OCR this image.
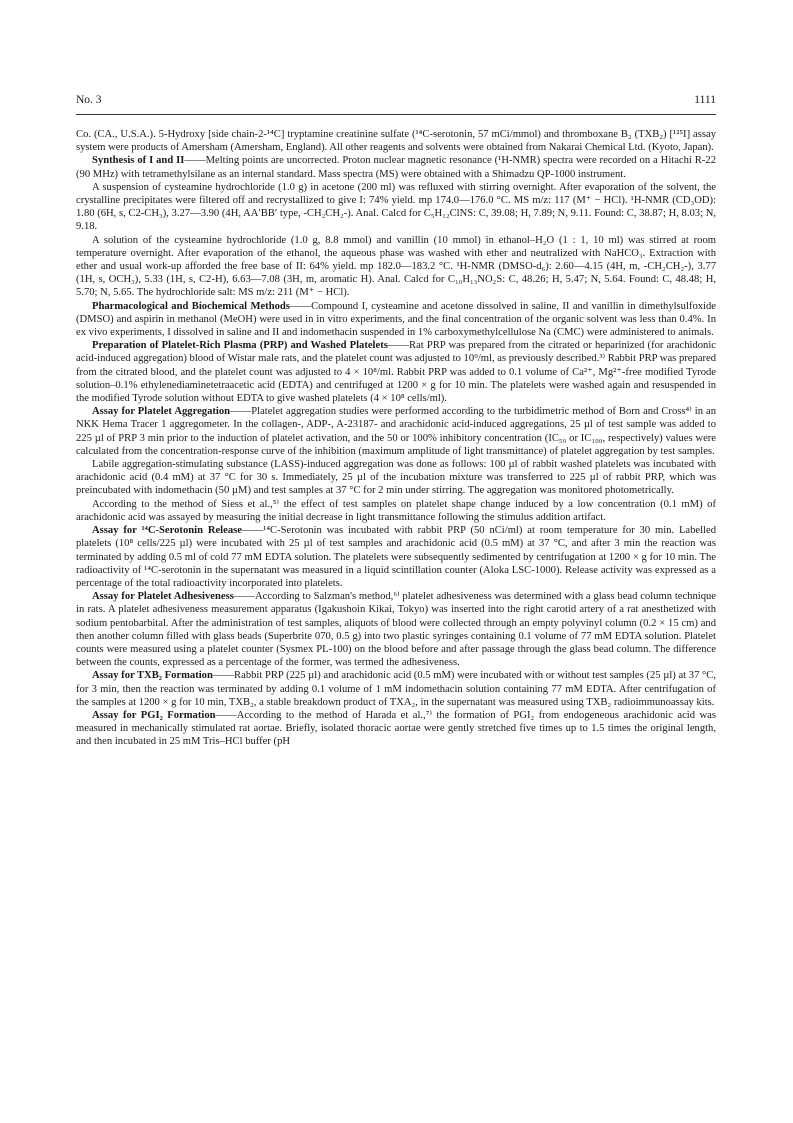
No. 3	1111

Co. (CA., U.S.A.). 5-Hydroxy [side chain-2-¹⁴C] tryptamine creatinine sulfate (¹⁴C-serotonin, 57 mCi/mmol) and thromboxane B₂ (TXB₂) [¹²⁵I] assay system were products of Amersham (Amersham, England). All other reagents and solvents were obtained from Nakarai Chemical Ltd. (Kyoto, Japan).

Synthesis of I and II——Melting points are uncorrected. Proton nuclear magnetic resonance (¹H-NMR) spectra were recorded on a Hitachi R-22 (90 MHz) with tetramethylsilane as an internal standard. Mass spectra (MS) were obtained with a Shimadzu QP-1000 instrument.

A suspension of cysteamine hydrochloride (1.0 g) in acetone (200 ml) was refluxed with stirring overnight. After evaporation of the solvent, the crystalline precipitates were filtered off and recrystallized to give I: 74% yield. mp 174.0—176.0 °C. MS m/z: 117 (M⁺ − HCl). ¹H-NMR (CD₃OD): 1.80 (6H, s, C2-CH₃), 3.27—3.90 (4H, AA′BB′ type, -CH₂CH₂-). Anal. Calcd for C₅H₁₂ClNS: C, 39.08; H, 7.89; N, 9.11. Found: C, 38.87; H, 8.03; N, 9.18.

A solution of the cysteamine hydrochloride (1.0 g, 8.8 mmol) and vanillin (10 mmol) in ethanol–H₂O (1 : 1, 10 ml) was stirred at room temperature overnight. After evaporation of the ethanol, the aqueous phase was washed with ether and neutralized with NaHCO₃. Extraction with ether and usual work-up afforded the free base of II: 64% yield. mp 182.0—183.2 °C. ¹H-NMR (DMSO-d₆): 2.60—4.15 (4H, m, -CH₂CH₂-), 3.77 (1H, s, OCH₃), 5.33 (1H, s, C2-H), 6.63—7.08 (3H, m, aromatic H). Anal. Calcd for C₁₀H₁₃NO₂S: C, 48.26; H, 5.47; N, 5.64. Found: C, 48.48; H, 5.70; N, 5.65. The hydrochloride salt: MS m/z: 211 (M⁺ − HCl).

Pharmacological and Biochemical Methods——Compound I, cysteamine and acetone dissolved in saline, II and vanillin in dimethylsulfoxide (DMSO) and aspirin in methanol (MeOH) were used in in vitro experiments, and the final concentration of the organic solvent was less than 0.4%. In ex vivo experiments, I dissolved in saline and II and indomethacin suspended in 1% carboxymethylcellulose Na (CMC) were administered to animals.

Preparation of Platelet-Rich Plasma (PRP) and Washed Platelets——Rat PRP was prepared from the citrated or heparinized (for arachidonic acid-induced aggregation) blood of Wistar male rats, and the platelet count was adjusted to 10⁹/ml, as previously described.³⁾ Rabbit PRP was prepared from the citrated blood, and the platelet count was adjusted to 4 × 10⁸/ml. Rabbit PRP was added to 0.1 volume of Ca²⁺, Mg²⁺-free modified Tyrode solution–0.1% ethylenediaminetetraacetic acid (EDTA) and centrifuged at 1200 × g for 10 min. The platelets were washed again and resuspended in the modified Tyrode solution without EDTA to give washed platelets (4 × 10⁸ cells/ml).

Assay for Platelet Aggregation——Platelet aggregation studies were performed according to the turbidimetric method of Born and Cross⁴⁾ in an NKK Hema Tracer 1 aggregometer. In the collagen-, ADP-, A-23187- and arachidonic acid-induced aggregations, 25 µl of test sample was added to 225 µl of PRP 3 min prior to the induction of platelet activation, and the 50 or 100% inhibitory concentration (IC₅₀ or IC₁₀₀, respectively) values were calculated from the concentration-response curve of the inhibition (maximum amplitude of light transmittance) of platelet aggregation by test samples.

Labile aggregation-stimulating substance (LASS)-induced aggregation was done as follows: 100 µl of rabbit washed platelets was incubated with arachidonic acid (0.4 mM) at 37 °C for 30 s. Immediately, 25 µl of the incubation mixture was transferred to 225 µl of rabbit PRP, which was preincubated with indomethacin (50 µM) and test samples at 37 °C for 2 min under stirring. The aggregation was monitored photometrically.

According to the method of Siess et al.,⁵⁾ the effect of test samples on platelet shape change induced by a low concentration (0.1 mM) of arachidonic acid was assayed by measuring the initial decrease in light transmittance following the stimulus addition artifact.

Assay for ¹⁴C-Serotonin Release——¹⁴C-Serotonin was incubated with rabbit PRP (50 nCi/ml) at room temperature for 30 min. Labelled platelets (10⁸ cells/225 µl) were incubated with 25 µl of test samples and arachidonic acid (0.5 mM) at 37 °C, and after 3 min the reaction was terminated by adding 0.5 ml of cold 77 mM EDTA solution. The platelets were subsequently sedimented by centrifugation at 1200 × g for 10 min. The radioactivity of ¹⁴C-serotonin in the supernatant was measured in a liquid scintillation counter (Aloka LSC-1000). Release activity was expressed as a percentage of the total radioactivity incorporated into platelets.

Assay for Platelet Adhesiveness——According to Salzman's method,⁶⁾ platelet adhesiveness was determined with a glass bead column technique in rats. A platelet adhesiveness measurement apparatus (Igakushoin Kikai, Tokyo) was inserted into the right carotid artery of a rat anesthetized with sodium pentobarbital. After the administration of test samples, aliquots of blood were collected through an empty polyvinyl column (0.2 × 15 cm) and then another column filled with glass beads (Superbrite 070, 0.5 g) into two plastic syringes containing 0.1 volume of 77 mM EDTA solution. Platelet counts were measured using a platelet counter (Sysmex PL-100) on the blood before and after passage through the glass bead column. The difference between the counts, expressed as a percentage of the former, was termed the adhesiveness.

Assay for TXB₂ Formation——Rabbit PRP (225 µl) and arachidonic acid (0.5 mM) were incubated with or without test samples (25 µl) at 37 °C, for 3 min, then the reaction was terminated by adding 0.1 volume of 1 mM indomethacin solution containing 77 mM EDTA. After centrifugation of the samples at 1200 × g for 10 min, TXB₂, a stable breakdown product of TXA₂, in the supernatant was measured using TXB₂ radioimmunoassay kits.

Assay for PGI₂ Formation——According to the method of Harada et al.,⁷⁾ the formation of PGI₂ from endogeneous arachidonic acid was measured in mechanically stimulated rat aortae. Briefly, isolated thoracic aortae were gently stretched five times up to 1.5 times the original length, and then incubated in 25 mM Tris–HCl buffer (pH
